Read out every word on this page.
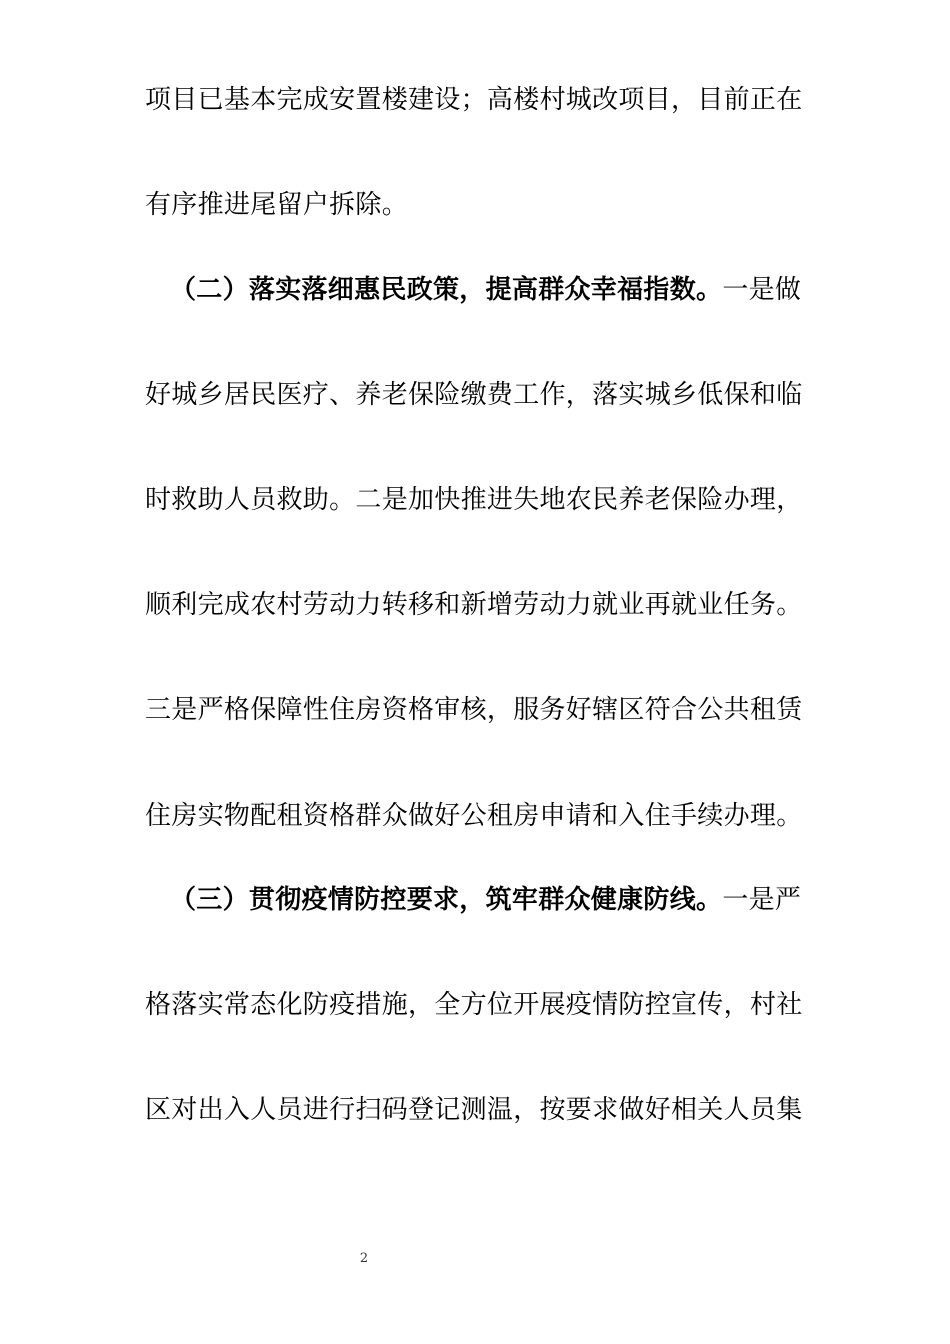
项目已基本完成安置楼建设；高楼村城改项目，目前正在
有序推进尾留户拆除。
（二）落实落细惠民政策，提高群众幸福指数。一是做
好城乡居民医疗、养老保险缴费工作，落实城乡低保和临
时救助人员救助。二是加快推进失地农民养老保险办理，
顺利完成农村劳动力转移和新增劳动力就业再就业任务。
三是严格保障性住房资格审核，服务好辖区符合公共租赁
住房实物配租资格群众做好公租房申请和入住手续办理。
（三）贯彻疫情防控要求，筑牢群众健康防线。一是严
格落实常态化防疫措施，全方位开展疫情防控宣传，村社
区对出入人员进行扫码登记测温，按要求做好相关人员集
2
